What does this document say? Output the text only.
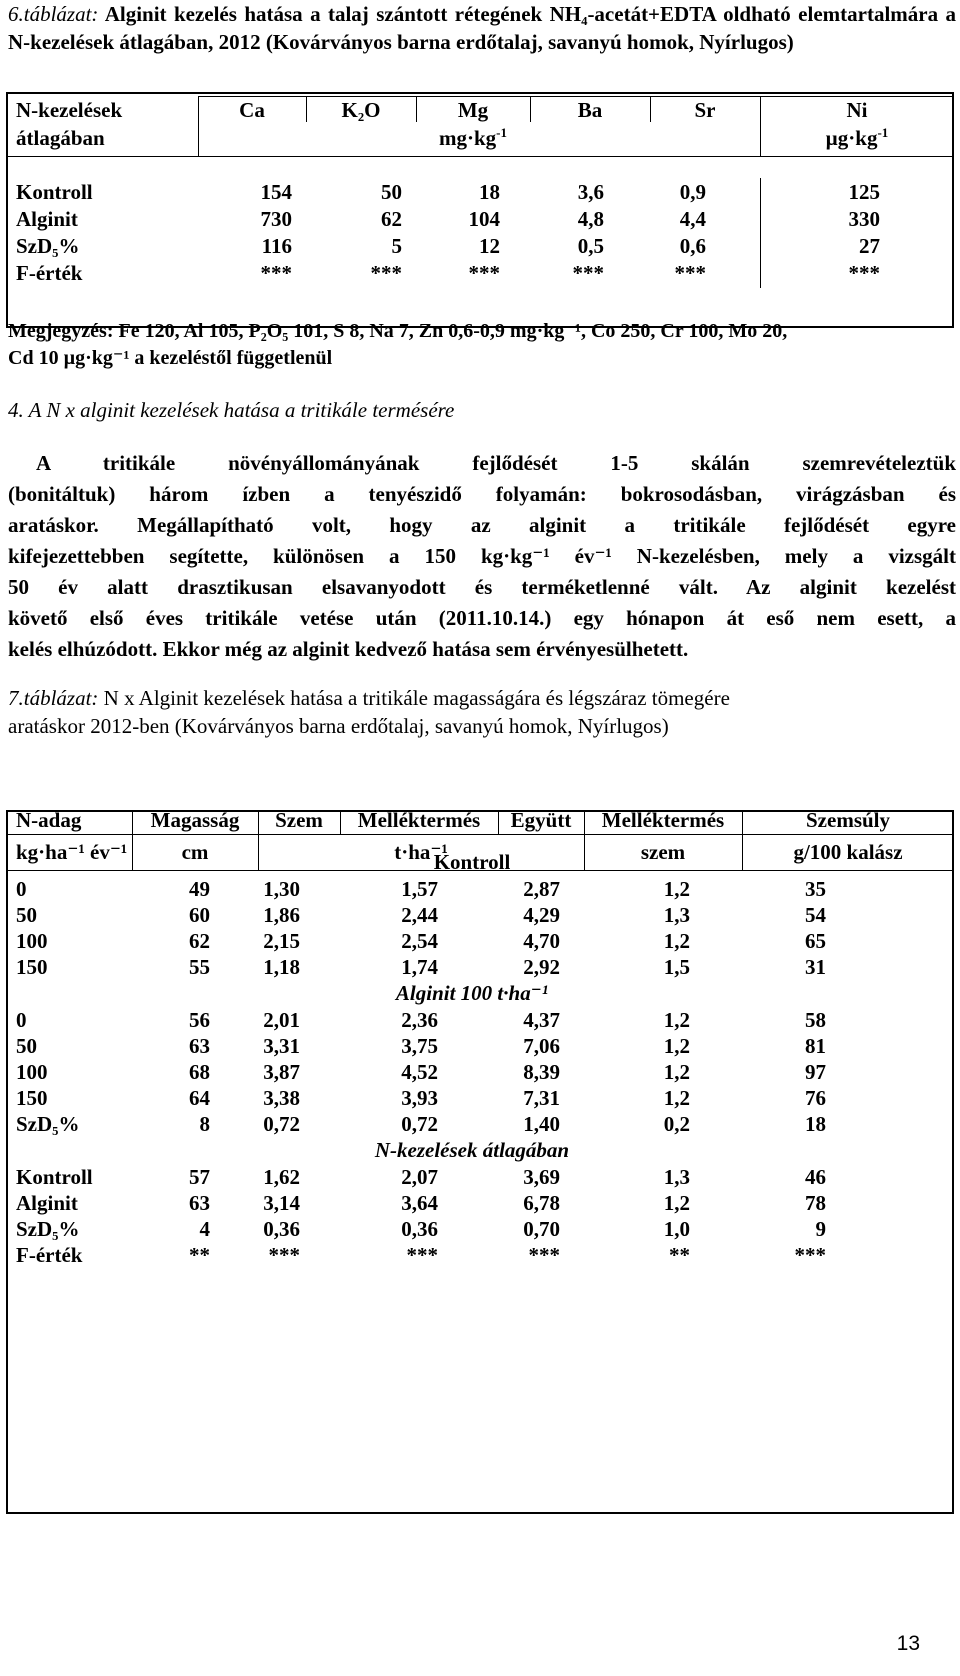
6.táblázat: Alginit kezelés hatása a talaj szántott rétegének NH₄-acetát+EDTA oldható elemtartalmára a N-kezelések átlagában, 2012 (Kovárványos barna erdőtalaj, savanyú homok, Nyírlugos)
N-kezelések
átlagában
Ca	K₂O	Mg	Ba	Sr	Ni
$mg\cdot kg^{-1}$	$\mu g\cdot kg^{-1}$
Kontroll	154	50	18	3,6	0,9	125
Alginit	730	62	104	4,8	4,4	330
SzD₅%	116	5	12	0,5	0,6	27
F-érték	***	***	***	***	***	***
Megjegyzés: Fe 120, Al 105, P₂O₅ 101, S 8, Na 7, Zn 0,6-0,9 mg·kg⁻¹, Co 250, Cr 100, Mo 20,
Cd 10 µg·kg⁻¹ a kezeléstől függetlenül
4. A N x alginit kezelések hatása a tritikále termésére
A tritikále növényállományának fejlődését 1-5 skálán szemrevételeztük
(bonitáltuk) három ízben a tenyészidő folyamán: bokrosodásban, virágzásban és
aratáskor. Megállapítható volt, hogy az alginit a tritikále fejlődését egyre
kifejezettebben segítette, különösen a 150 kg·kg⁻¹ év⁻¹ N-kezelésben, mely a vizsgált
50 év alatt drasztikusan elsavanyodott és terméketlenné vált. Az alginit kezelést
követő első éves tritikále vetése után (2011.10.14.) egy hónapon át eső nem esett, a
kelés elhúzódott. Ekkor még az alginit kedvező hatása sem érvényesülhetett.
7.táblázat: N x Alginit kezelések hatása a tritikále magasságára és légszáraz tömegére
aratáskor 2012-ben (Kovárványos barna erdőtalaj, savanyú homok, Nyírlugos)
N-adag	Magasság	Szem	Melléktermés	Együtt	Melléktermés	Szemsúly
kg·ha⁻¹ év⁻¹	cm	t·ha⁻¹	szem	g/100 kalász
Kontroll
0	49	1,30	1,57	2,87	1,2	35
50	60	1,86	2,44	4,29	1,3	54
100	62	2,15	2,54	4,70	1,2	65
150	55	1,18	1,74	2,92	1,5	31
Alginit 100 t·ha⁻¹
0	56	2,01	2,36	4,37	1,2	58
50	63	3,31	3,75	7,06	1,2	81
100	68	3,87	4,52	8,39	1,2	97
150	64	3,38	3,93	7,31	1,2	76
SzD₅%	8	0,72	0,72	1,40	0,2	18
N-kezelések átlagában
Kontroll	57	1,62	2,07	3,69	1,3	46
Alginit	63	3,14	3,64	6,78	1,2	78
SzD₅%	4	0,36	0,36	0,70	1,0	9
F-érték	**	***	***	***	**	***
13
